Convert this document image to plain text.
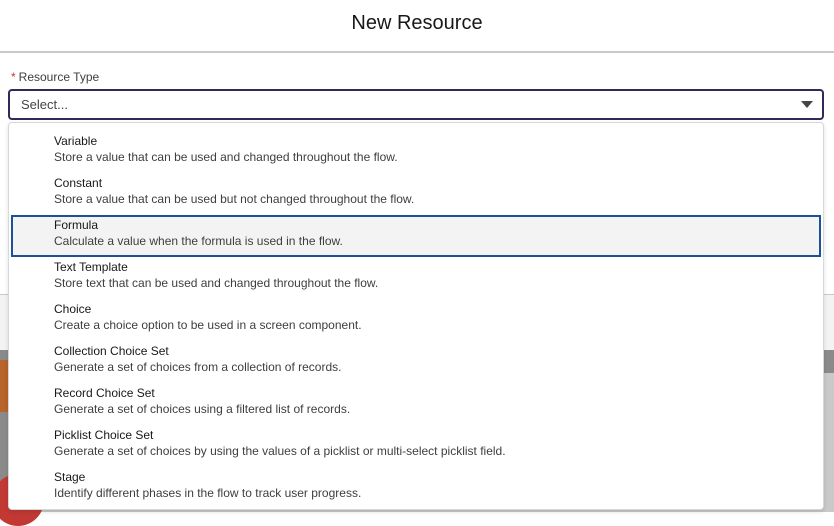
New Resource
* Resource Type
Select...
Variable
Store a value that can be used and changed throughout the flow.
Constant
Store a value that can be used but not changed throughout the flow.
Formula
Calculate a value when the formula is used in the flow.
Text Template
Store text that can be used and changed throughout the flow.
Choice
Create a choice option to be used in a screen component.
Collection Choice Set
Generate a set of choices from a collection of records.
Record Choice Set
Generate a set of choices using a filtered list of records.
Picklist Choice Set
Generate a set of choices by using the values of a picklist or multi-select picklist field.
Stage
Identify different phases in the flow to track user progress.
